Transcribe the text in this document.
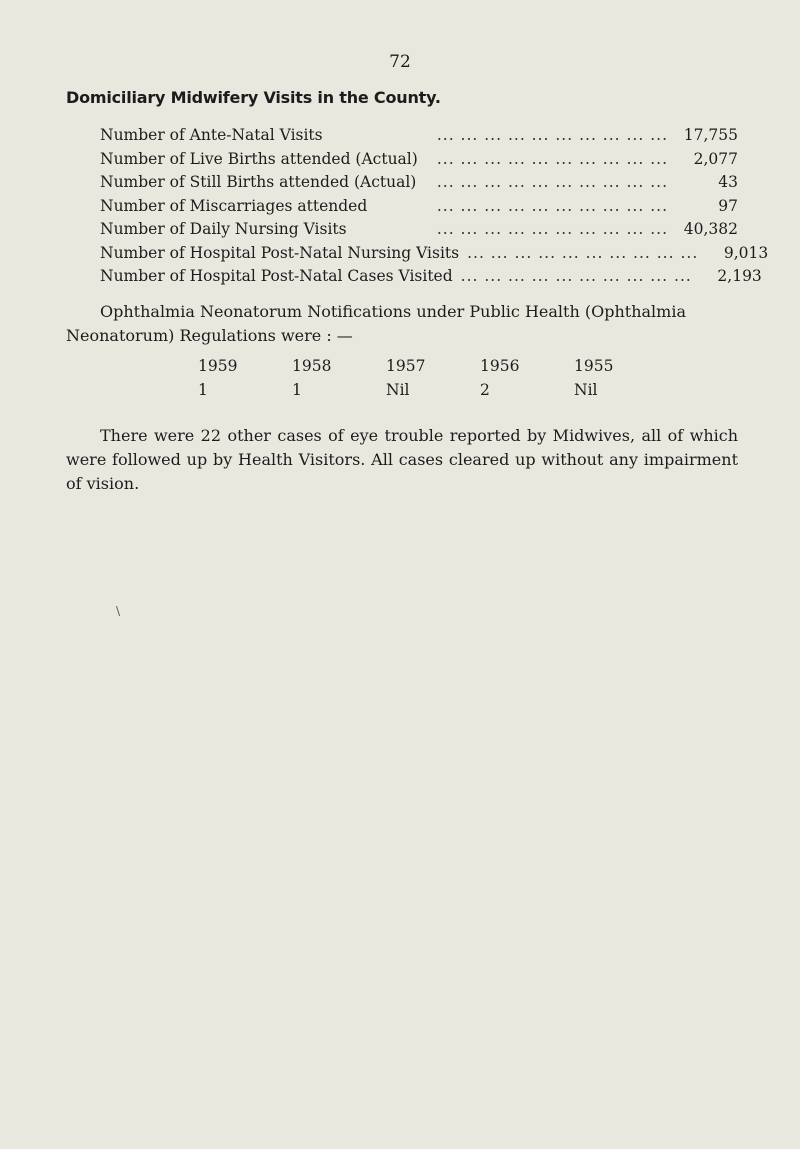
72
Domiciliary Midwifery Visits in the County.
Number of Ante-Natal Visits	... ... ... ... ... ... ... ... ... ...	17,755
Number of Live Births attended (Actual)	... ... ... ... ... ... ... ... ... ...	2,077
Number of Still Births attended (Actual)	... ... ... ... ... ... ... ... ... ...	43
Number of Miscarriages attended	... ... ... ... ... ... ... ... ... ...	97
Number of Daily Nursing Visits	... ... ... ... ... ... ... ... ... ...	40,382
Number of Hospital Post-Natal Nursing Visits ... ... ... ... ... ... ... ... ... ...	9,013
Number of Hospital Post-Natal Cases Visited ... ... ... ... ... ... ... ... ... ...	2,193
Ophthalmia Neonatorum Notifications under Public Health (Ophthalmia
Neonatorum) Regulations were : —
1959	1958	1957	1956	1955
1	1	Nil	2	Nil
There were 22 other cases of eye trouble reported by Midwives, all of which were followed up by Health Visitors. All cases cleared up without any impairment of vision.
\
